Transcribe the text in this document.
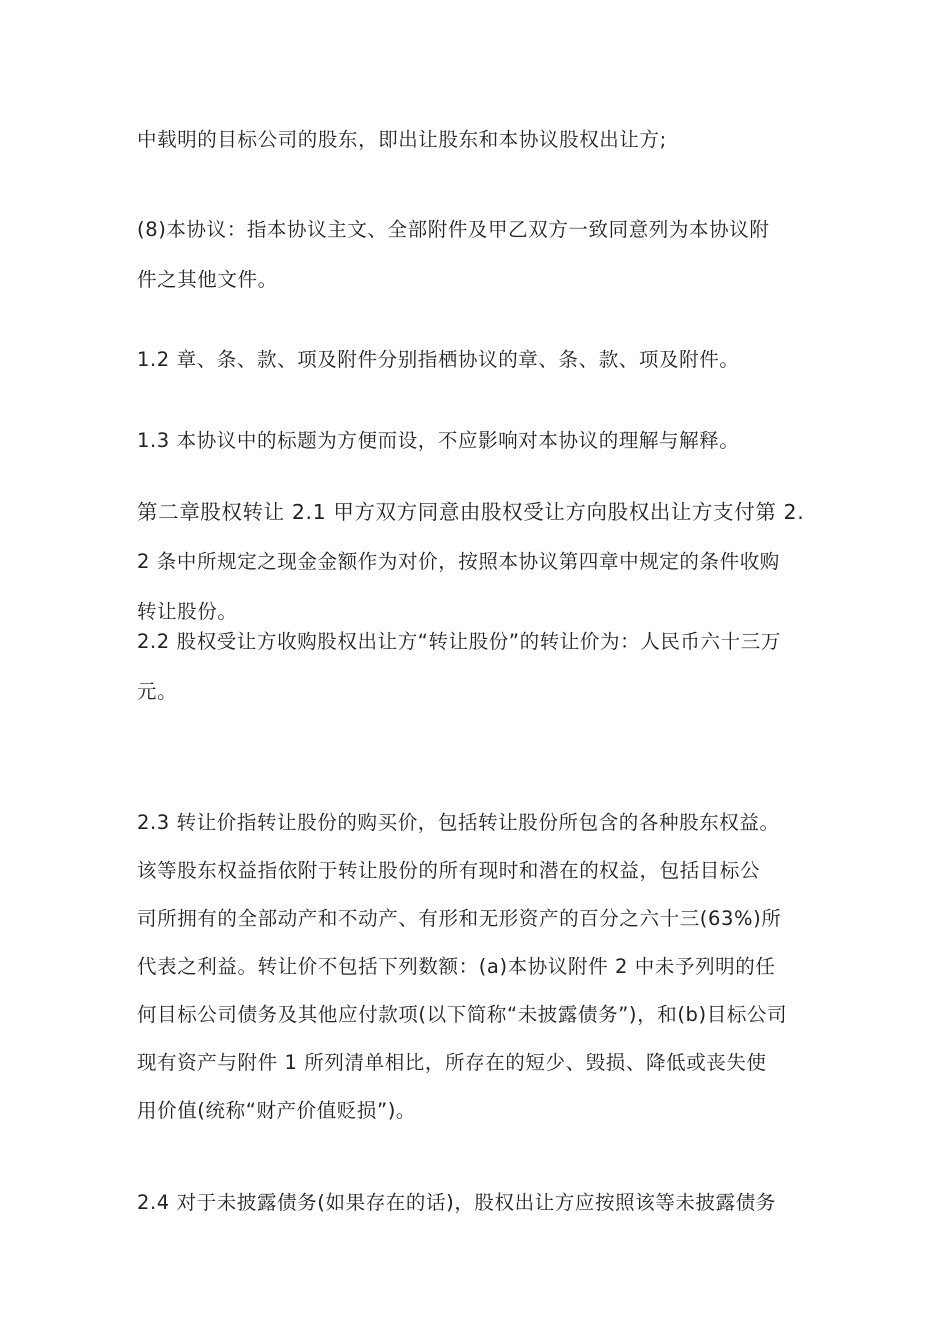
中载明的目标公司的股东，即出让股东和本协议股权出让方;

(8)本协议：指本协议主文、全部附件及甲乙双方一致同意列为本协议附
件之其他文件。

1.2 章、条、款、项及附件分别指栖协议的章、条、款、项及附件。

1.3 本协议中的标题为方便而设，不应影响对本协议的理解与解释。

第二章股权转让 2.1 甲方双方同意由股权受让方向股权出让方支付第 2.
2 条中所规定之现金金额作为对价，按照本协议第四章中规定的条件收购
转让股份。

2.2 股权受让方收购股权出让方“转让股份”的转让价为：人民币六十三万
元。

2.3 转让价指转让股份的购买价，包括转让股份所包含的各种股东权益。
该等股东权益指依附于转让股份的所有现时和潜在的权益，包括目标公
司所拥有的全部动产和不动产、有形和无形资产的百分之六十三(63%)所
代表之利益。转让价不包括下列数额：(a)本协议附件 2 中未予列明的任
何目标公司债务及其他应付款项(以下简称“未披露债务”)，和(b)目标公司
现有资产与附件 1 所列清单相比，所存在的短少、毁损、降低或丧失使
用价值(统称“财产价值贬损”)。

2.4 对于未披露债务(如果存在的话)，股权出让方应按照该等未披露债务
